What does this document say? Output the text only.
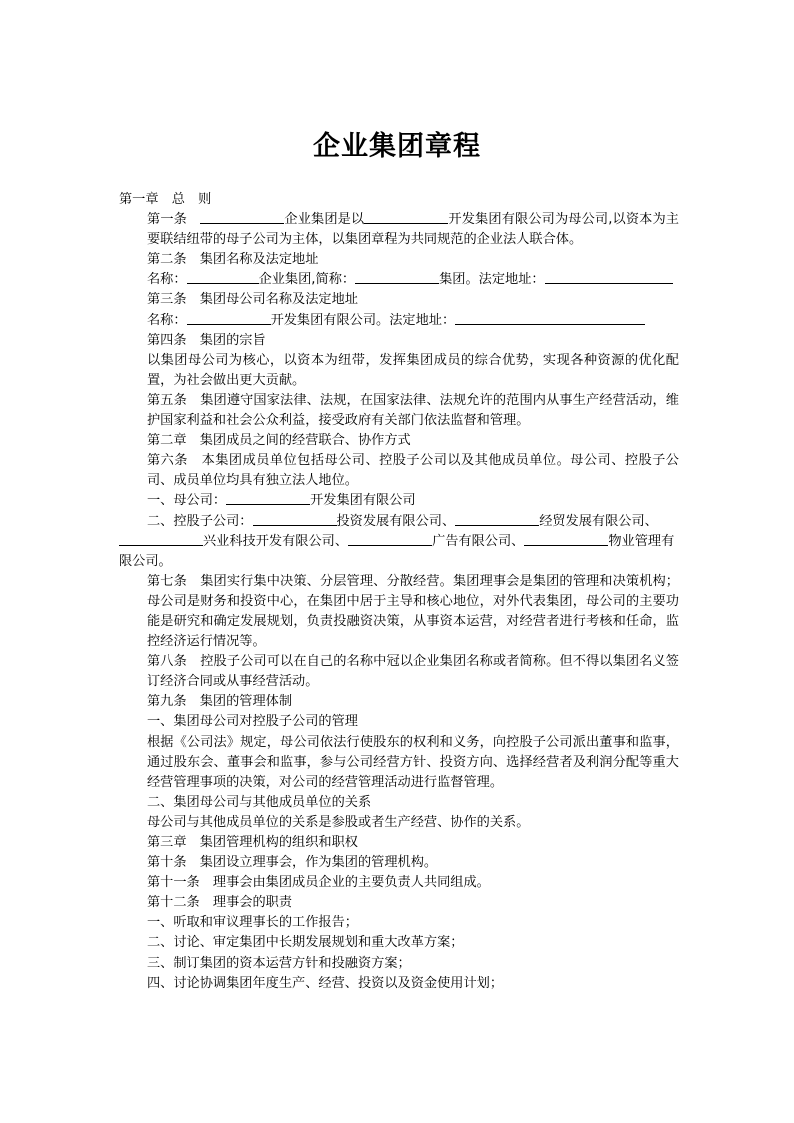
企业集团章程

第一章　总　则

第一条　	企业集团是以	开发集团有限公司为母公司,以资本为主要联结纽带的母子公司为主体，以集团章程为共同规范的企业法人联合体。

第二条　集团名称及法定地址

名称：	企业集团,简称：	集团。法定地址：

第三条　集团母公司名称及法定地址

名称：	开发集团有限公司。法定地址：

第四条　集团的宗旨

以集团母公司为核心，以资本为纽带，发挥集团成员的综合优势，实现各种资源的优化配置，为社会做出更大贡献。

第五条　集团遵守国家法律、法规，在国家法律、法规允许的范围内从事生产经营活动，维护国家利益和社会公众利益，接受政府有关部门依法监督和管理。

第二章　集团成员之间的经营联合、协作方式

第六条　本集团成员单位包括母公司、控股子公司以及其他成员单位。母公司、控股子公司、成员单位均具有独立法人地位。

一、母公司：	开发集团有限公司

二、控股子公司：	投资发展有限公司、	经贸发展有限公司、

兴业科技开发有限公司、	广告有限公司、	物业管理有

限公司。

第七条　集团实行集中决策、分层管理、分散经营。集团理事会是集团的管理和决策机构；母公司是财务和投资中心，在集团中居于主导和核心地位，对外代表集团，母公司的主要功能是研究和确定发展规划，负责投融资决策，从事资本运营，对经营者进行考核和任命，监控经济运行情况等。

第八条　控股子公司可以在自己的名称中冠以企业集团名称或者简称。但不得以集团名义签订经济合同或从事经营活动。

第九条　集团的管理体制

一、集团母公司对控股子公司的管理

根据《公司法》规定，母公司依法行使股东的权利和义务，向控股子公司派出董事和监事，通过股东会、董事会和监事，参与公司经营方针、投资方向、选择经营者及利润分配等重大经营管理事项的决策，对公司的经营管理活动进行监督管理。

二、集团母公司与其他成员单位的关系

母公司与其他成员单位的关系是参股或者生产经营、协作的关系。

第三章　集团管理机构的组织和职权

第十条　集团设立理事会，作为集团的管理机构。

第十一条　理事会由集团成员企业的主要负责人共同组成。

第十二条　理事会的职责

一、听取和审议理事长的工作报告；

二、讨论、审定集团中长期发展规划和重大改革方案；

三、制订集团的资本运营方针和投融资方案；

四、讨论协调集团年度生产、经营、投资以及资金使用计划；
